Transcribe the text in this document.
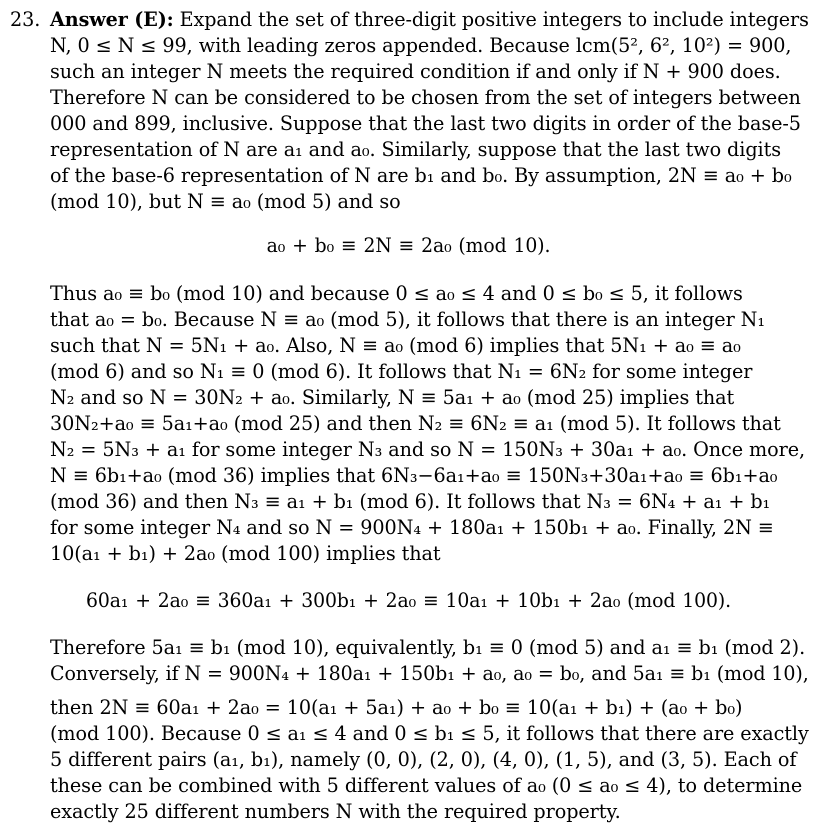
23. Answer (E): Expand the set of three-digit positive integers to include integers
N, 0 ≤ N ≤ 99, with leading zeros appended. Because lcm(5², 6², 10²) = 900,
such an integer N meets the required condition if and only if N + 900 does.
Therefore N can be considered to be chosen from the set of integers between
000 and 899, inclusive. Suppose that the last two digits in order of the base-5
representation of N are a₁ and a₀. Similarly, suppose that the last two digits
of the base-6 representation of N are b₁ and b₀. By assumption, 2N ≡ a₀ + b₀
(mod 10), but N ≡ a₀ (mod 5) and so
a₀ + b₀ ≡ 2N ≡ 2a₀ (mod 10).
Thus a₀ ≡ b₀ (mod 10) and because 0 ≤ a₀ ≤ 4 and 0 ≤ b₀ ≤ 5, it follows
that a₀ = b₀. Because N ≡ a₀ (mod 5), it follows that there is an integer N₁
such that N = 5N₁ + a₀. Also, N ≡ a₀ (mod 6) implies that 5N₁ + a₀ ≡ a₀
(mod 6) and so N₁ ≡ 0 (mod 6). It follows that N₁ = 6N₂ for some integer
N₂ and so N = 30N₂ + a₀. Similarly, N ≡ 5a₁ + a₀ (mod 25) implies that
30N₂+a₀ ≡ 5a₁+a₀ (mod 25) and then N₂ ≡ 6N₂ ≡ a₁ (mod 5). It follows that
N₂ = 5N₃ + a₁ for some integer N₃ and so N = 150N₃ + 30a₁ + a₀. Once more,
N ≡ 6b₁+a₀ (mod 36) implies that 6N₃−6a₁+a₀ ≡ 150N₃+30a₁+a₀ ≡ 6b₁+a₀
(mod 36) and then N₃ ≡ a₁ + b₁ (mod 6). It follows that N₃ = 6N₄ + a₁ + b₁
for some integer N₄ and so N = 900N₄ + 180a₁ + 150b₁ + a₀. Finally, 2N ≡
10(a₁ + b₁) + 2a₀ (mod 100) implies that
60a₁ + 2a₀ ≡ 360a₁ + 300b₁ + 2a₀ ≡ 10a₁ + 10b₁ + 2a₀ (mod 100).
Therefore 5a₁ ≡ b₁ (mod 10), equivalently, b₁ ≡ 0 (mod 5) and a₁ ≡ b₁ (mod 2).
Conversely, if N = 900N₄ + 180a₁ + 150b₁ + a₀, a₀ = b₀, and 5a₁ ≡ b₁ (mod 10),
then 2N ≡ 60a₁ + 2a₀ = 10(a₁ + 5a₁) + a₀ + b₀ ≡ 10(a₁ + b₁) + (a₀ + b₀)
(mod 100). Because 0 ≤ a₁ ≤ 4 and 0 ≤ b₁ ≤ 5, it follows that there are exactly
5 different pairs (a₁, b₁), namely (0, 0), (2, 0), (4, 0), (1, 5), and (3, 5). Each of
these can be combined with 5 different values of a₀ (0 ≤ a₀ ≤ 4), to determine
exactly 25 different numbers N with the required property.
